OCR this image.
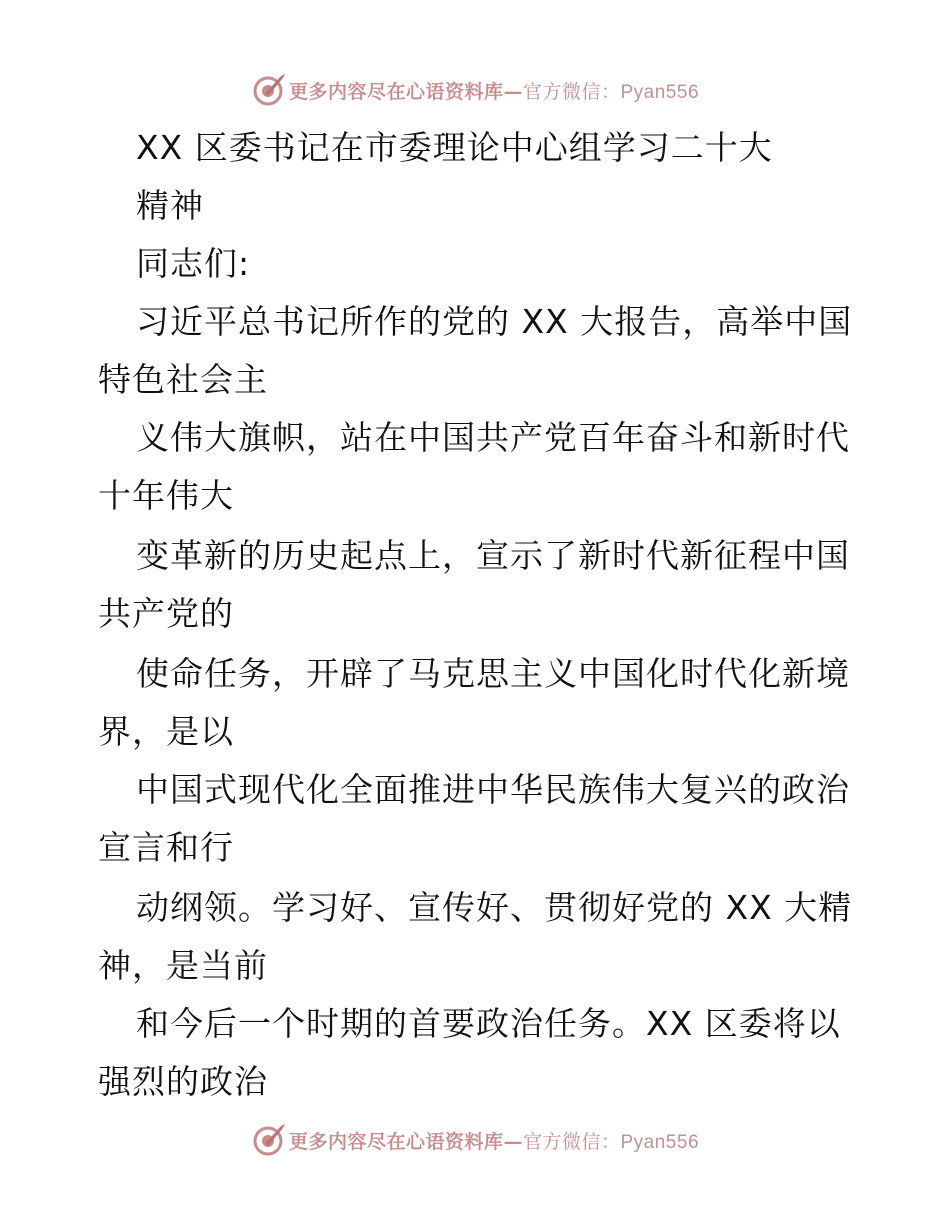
更多内容尽在心语资料库—官方微信：Pyan556
XX 区委书记在市委理论中心组学习二十大
精神
同志们:
习近平总书记所作的党的 XX 大报告，高举中国
特色社会主
义伟大旗帜，站在中国共产党百年奋斗和新时代
十年伟大
变革新的历史起点上，宣示了新时代新征程中国
共产党的
使命任务，开辟了马克思主义中国化时代化新境
界，是以
中国式现代化全面推进中华民族伟大复兴的政治
宣言和行
动纲领。学习好、宣传好、贯彻好党的 XX 大精
神，是当前
和今后一个时期的首要政治任务。XX 区委将以
强烈的政治
更多内容尽在心语资料库—官方微信：Pyan556
